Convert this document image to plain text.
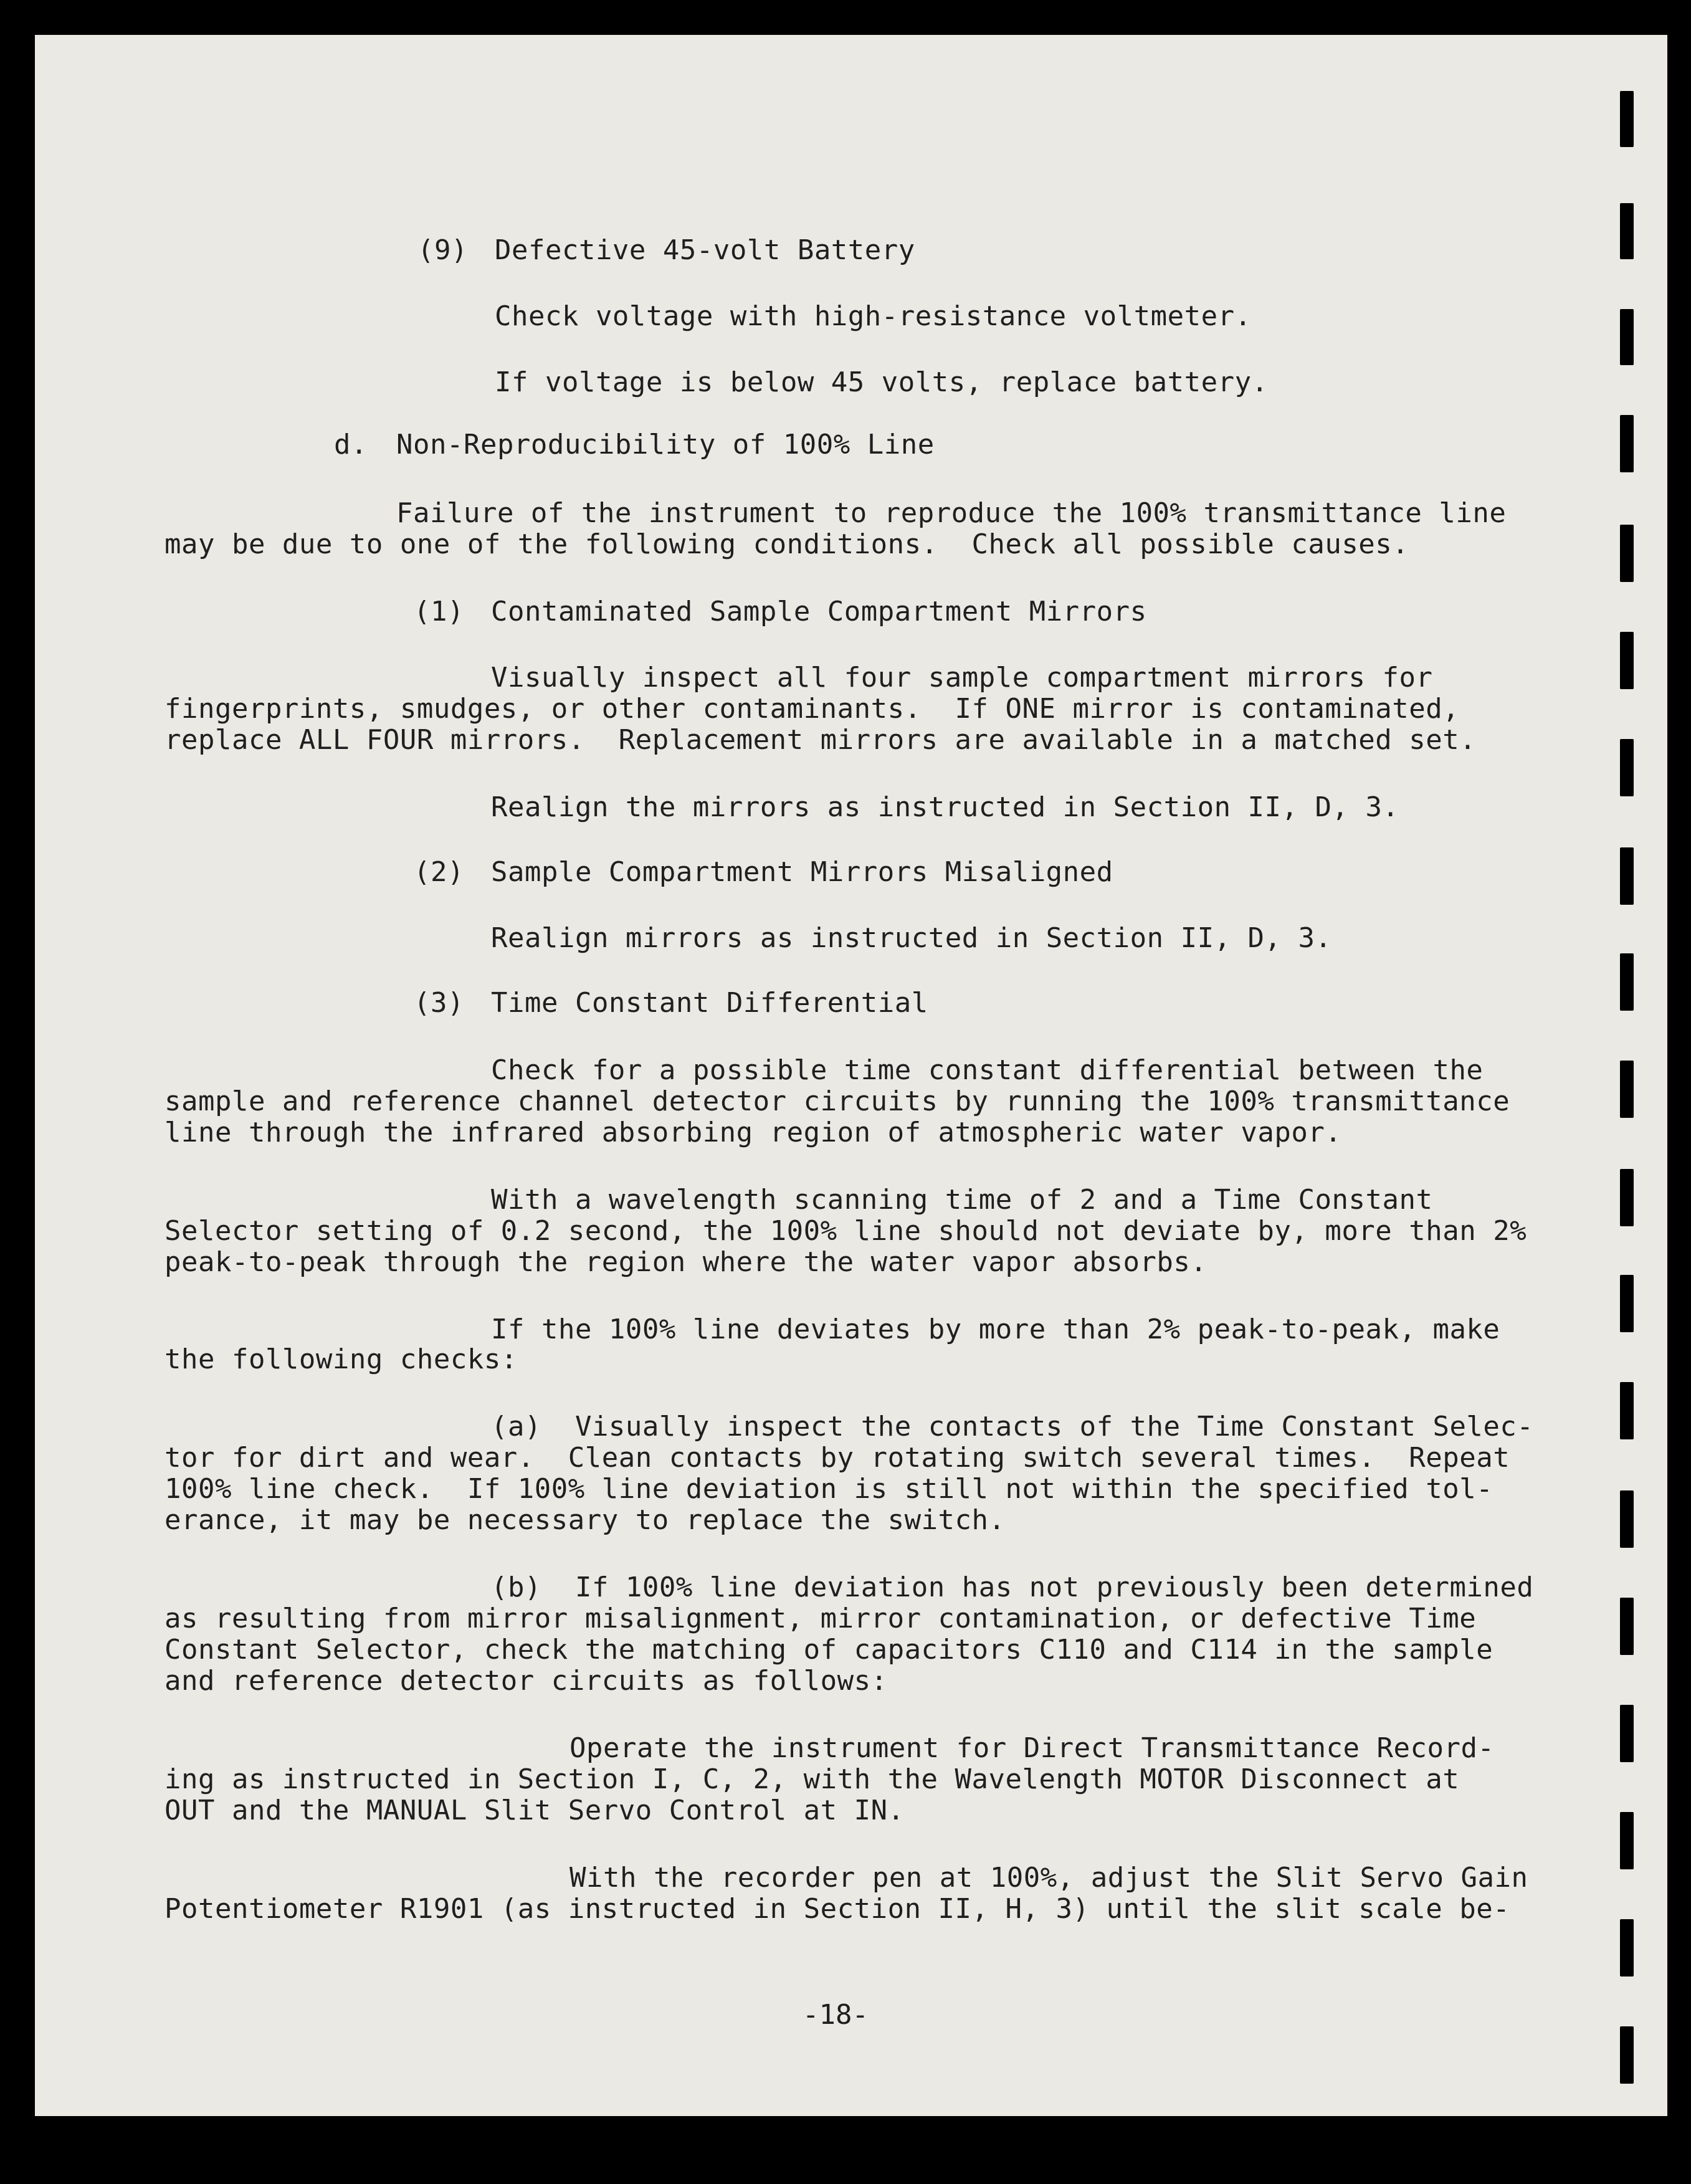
(9) Defective 45-volt Battery
Check voltage with high-resistance voltmeter.
If voltage is below 45 volts, replace battery.
d. Non-Reproducibility of 100% Line
Failure of the instrument to reproduce the 100% transmittance line
may be due to one of the following conditions.  Check all possible causes.
(1) Contaminated Sample Compartment Mirrors
Visually inspect all four sample compartment mirrors for
fingerprints, smudges, or other contaminants.  If ONE mirror is contaminated,
replace ALL FOUR mirrors.  Replacement mirrors are available in a matched set.
Realign the mirrors as instructed in Section II, D, 3.
(2) Sample Compartment Mirrors Misaligned
Realign mirrors as instructed in Section II, D, 3.
(3) Time Constant Differential
Check for a possible time constant differential between the
sample and reference channel detector circuits by running the 100% transmittance
line through the infrared absorbing region of atmospheric water vapor.
With a wavelength scanning time of 2 and a Time Constant
Selector setting of 0.2 second, the 100% line should not deviate by, more than 2%
peak-to-peak through the region where the water vapor absorbs.
If the 100% line deviates by more than 2% peak-to-peak, make
the following checks:
(a)  Visually inspect the contacts of the Time Constant Selec-
tor for dirt and wear.  Clean contacts by rotating switch several times.  Repeat
100% line check.  If 100% line deviation is still not within the specified tol-
erance, it may be necessary to replace the switch.
(b)  If 100% line deviation has not previously been determined
as resulting from mirror misalignment, mirror contamination, or defective Time
Constant Selector, check the matching of capacitors C110 and C114 in the sample
and reference detector circuits as follows:
Operate the instrument for Direct Transmittance Record-
ing as instructed in Section I, C, 2, with the Wavelength MOTOR Disconnect at
OUT and the MANUAL Slit Servo Control at IN.
With the recorder pen at 100%, adjust the Slit Servo Gain
Potentiometer R1901 (as instructed in Section II, H, 3) until the slit scale be-
-18-
